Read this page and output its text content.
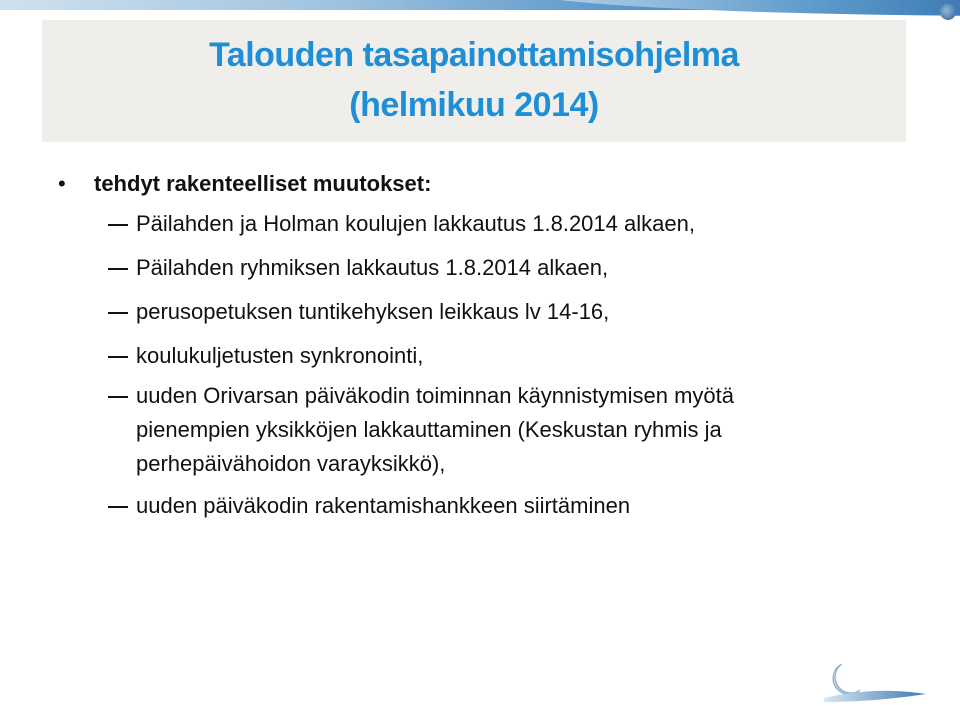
Talouden tasapainottamisohjelma
(helmikuu 2014)
•	tehdyt rakenteelliset muutokset:
Päilahden ja Holman koulujen lakkautus 1.8.2014 alkaen,
Päilahden ryhmiksen lakkautus 1.8.2014 alkaen,
perusopetuksen tuntikehyksen leikkaus lv 14-16,
koulukuljetusten synkronointi,
uuden Orivarsan päiväkodin toiminnan käynnistymisen myötä pienempien yksikköjen lakkauttaminen (Keskustan ryhmis ja perhepäivähoidon varayksikkö),
uuden päiväkodin rakentamishankkeen siirtäminen
